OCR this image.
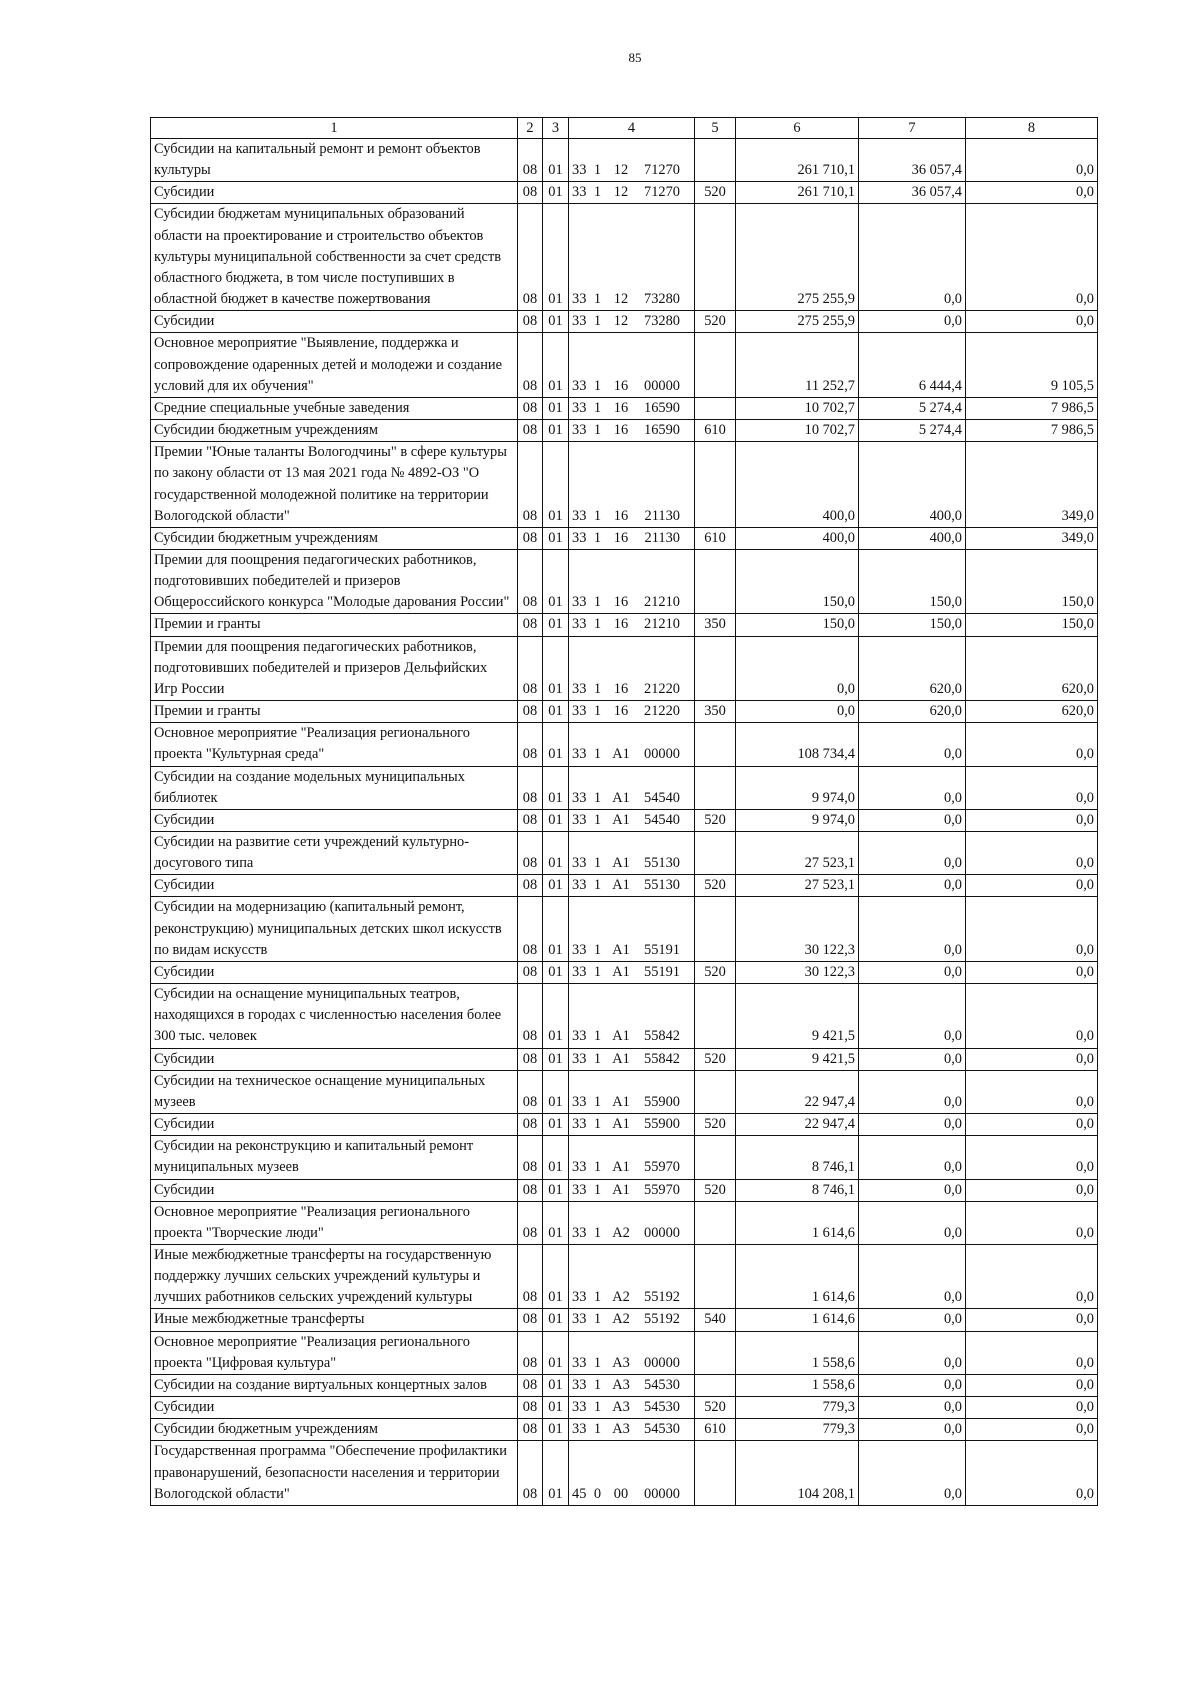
85
1	2	3	4	5	6	7	8
Субсидии на капитальный ремонт и ремонт объектов культуры	08	01	33 1 12 71270		261 710,1	36 057,4	0,0
Субсидии	08	01	33 1 12 71270	520	261 710,1	36 057,4	0,0
Субсидии бюджетам муниципальных образований области на проектирование и строительство объектов культуры муниципальной собственности за счет средств областного бюджета, в том числе поступивших в областной бюджет в качестве пожертвования	08	01	33 1 12 73280		275 255,9	0,0	0,0
Субсидии	08	01	33 1 12 73280	520	275 255,9	0,0	0,0
Основное мероприятие "Выявление, поддержка и сопровождение одаренных детей и молодежи и создание условий для их обучения"	08	01	33 1 16 00000		11 252,7	6 444,4	9 105,5
Средние специальные учебные заведения	08	01	33 1 16 16590		10 702,7	5 274,4	7 986,5
Субсидии бюджетным учреждениям	08	01	33 1 16 16590	610	10 702,7	5 274,4	7 986,5
Премии "Юные таланты Вологодчины" в сфере культуры по закону области от 13 мая 2021 года № 4892-ОЗ "О государственной молодежной политике на территории Вологодской области"	08	01	33 1 16 21130		400,0	400,0	349,0
Субсидии бюджетным учреждениям	08	01	33 1 16 21130	610	400,0	400,0	349,0
Премии для поощрения педагогических работников, подготовивших победителей и призеров Общероссийского конкурса "Молодые дарования России"	08	01	33 1 16 21210		150,0	150,0	150,0
Премии и гранты	08	01	33 1 16 21210	350	150,0	150,0	150,0
Премии для поощрения педагогических работников, подготовивших победителей и призеров Дельфийских Игр России	08	01	33 1 16 21220		0,0	620,0	620,0
Премии и гранты	08	01	33 1 16 21220	350	0,0	620,0	620,0
Основное мероприятие "Реализация регионального проекта "Культурная среда"	08	01	33 1 A1 00000		108 734,4	0,0	0,0
Субсидии на создание модельных муниципальных библиотек	08	01	33 1 A1 54540		9 974,0	0,0	0,0
Субсидии	08	01	33 1 A1 54540	520	9 974,0	0,0	0,0
Субсидии на развитие сети учреждений культурно-досугового типа	08	01	33 1 A1 55130		27 523,1	0,0	0,0
Субсидии	08	01	33 1 A1 55130	520	27 523,1	0,0	0,0
Субсидии на модернизацию (капитальный ремонт, реконструкцию) муниципальных детских школ искусств по видам искусств	08	01	33 1 A1 55191		30 122,3	0,0	0,0
Субсидии	08	01	33 1 A1 55191	520	30 122,3	0,0	0,0
Субсидии на оснащение муниципальных театров, находящихся в городах с численностью населения более 300 тыс. человек	08	01	33 1 A1 55842		9 421,5	0,0	0,0
Субсидии	08	01	33 1 A1 55842	520	9 421,5	0,0	0,0
Субсидии на техническое оснащение муниципальных музеев	08	01	33 1 A1 55900		22 947,4	0,0	0,0
Субсидии	08	01	33 1 A1 55900	520	22 947,4	0,0	0,0
Субсидии на реконструкцию и капитальный ремонт муниципальных музеев	08	01	33 1 A1 55970		8 746,1	0,0	0,0
Субсидии	08	01	33 1 A1 55970	520	8 746,1	0,0	0,0
Основное мероприятие "Реализация регионального проекта "Творческие люди"	08	01	33 1 A2 00000		1 614,6	0,0	0,0
Иные межбюджетные трансферты на государственную поддержку лучших сельских учреждений культуры и лучших работников сельских учреждений культуры	08	01	33 1 A2 55192		1 614,6	0,0	0,0
Иные межбюджетные трансферты	08	01	33 1 A2 55192	540	1 614,6	0,0	0,0
Основное мероприятие "Реализация регионального проекта "Цифровая культура"	08	01	33 1 A3 00000		1 558,6	0,0	0,0
Субсидии на создание виртуальных концертных залов	08	01	33 1 A3 54530		1 558,6	0,0	0,0
Субсидии	08	01	33 1 A3 54530	520	779,3	0,0	0,0
Субсидии бюджетным учреждениям	08	01	33 1 A3 54530	610	779,3	0,0	0,0
Государственная программа "Обеспечение профилактики правонарушений, безопасности населения и территории Вологодской области"	08	01	45 0 00 00000		104 208,1	0,0	0,0
